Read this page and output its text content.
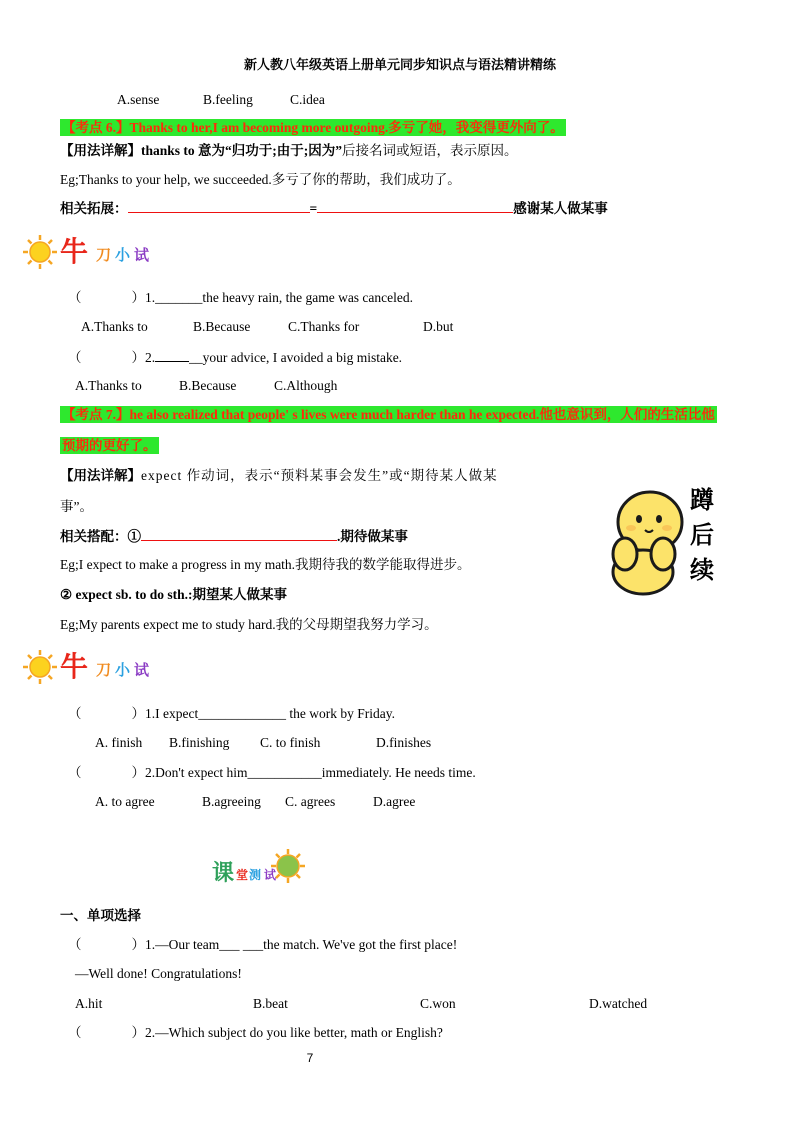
新人教八年级英语上册单元同步知识点与语法精讲精练
A.sense	B.feeling	C.idea
【考点 6.】Thanks to her,I am becoming more outgoing.多亏了她，我变得更外向了。
【用法详解】thanks to 意为“归功于;由于;因为”后接名词或短语，表示原因。
Eg;Thanks to your help, we succeeded.多亏了你的帮助，我们成功了。
相关拓展：	=	感谢某人做某事
牛 刀 小 试
（	）1._______the heavy rain, the game was canceled.
A.Thanks to	B.Because	C.Thanks for	D.but
（	）2.	__your advice, I avoided a big mistake.
A.Thanks to	B.Because	C.Although
【考点 7.】he also realized that people' s lives were much harder than he expected.他也意识到，人们的生活比他
预期的更好了。
【用法详解】expect 作动词，表示“预料某事会发生”或“期待某人做某
事”。
相关搭配：①	.期待做某事
Eg;I expect to make a progress in my math.我期待我的数学能取得进步。
② expect sb. to do sth.:期望某人做某事
Eg;My parents expect me to study hard.我的父母期望我努力学习。
蹲
后
续
牛 刀 小 试
（	）1.I expect_____________ the work by Friday.
A. finish B.finishing C. to finish	D.finishes
（	）2.Don't expect him___________immediately. He needs time.
A. to agree	B.agreeing C. agrees	D.agree
课 堂 测 试
一、单项选择
（	）1.—Our team___ ___the match. We've got the first place!
—Well done! Congratulations!
A.hit	B.beat	C.won	D.watched
（	）2.—Which subject do you like better, math or English?
7
